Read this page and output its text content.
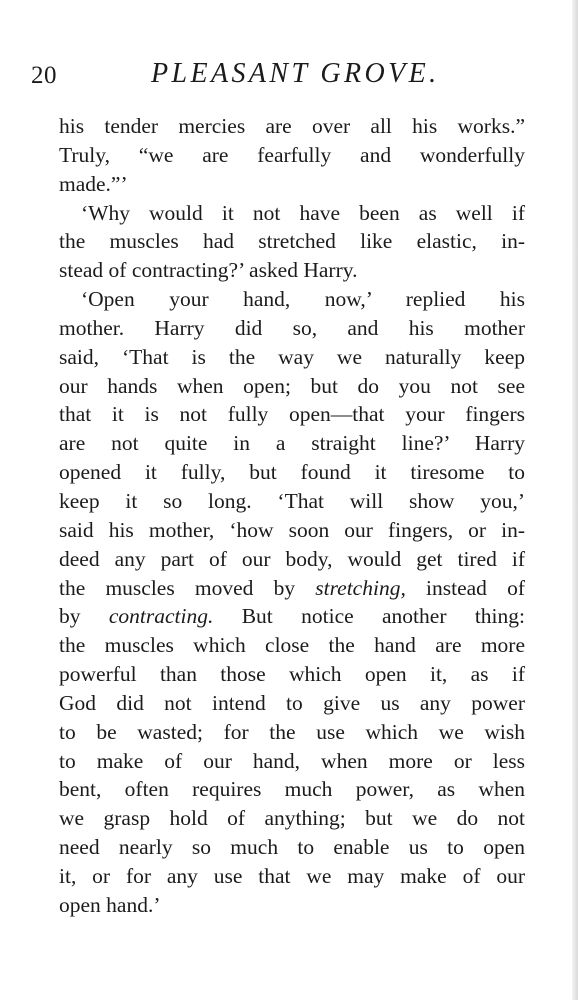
20	PLEASANT GROVE.
his tender mercies are over all his works.”
Truly, “we are fearfully and wonderfully
made.”’
‘Why would it not have been as well if
the muscles had stretched like elastic, in-
stead of contracting?’ asked Harry.
‘Open your hand, now,’ replied his
mother. Harry did so, and his mother
said, ‘That is the way we naturally keep
our hands when open; but do you not see
that it is not fully open—that your fingers
are not quite in a straight line?’ Harry
opened it fully, but found it tiresome to
keep it so long. ‘That will show you,’
said his mother, ‘how soon our fingers, or in-
deed any part of our body, would get tired if
the muscles moved by stretching, instead of
by contracting. But notice another thing:
the muscles which close the hand are more
powerful than those which open it, as if
God did not intend to give us any power
to be wasted; for the use which we wish
to make of our hand, when more or less
bent, often requires much power, as when
we grasp hold of anything; but we do not
need nearly so much to enable us to open
it, or for any use that we may make of our
open hand.’
